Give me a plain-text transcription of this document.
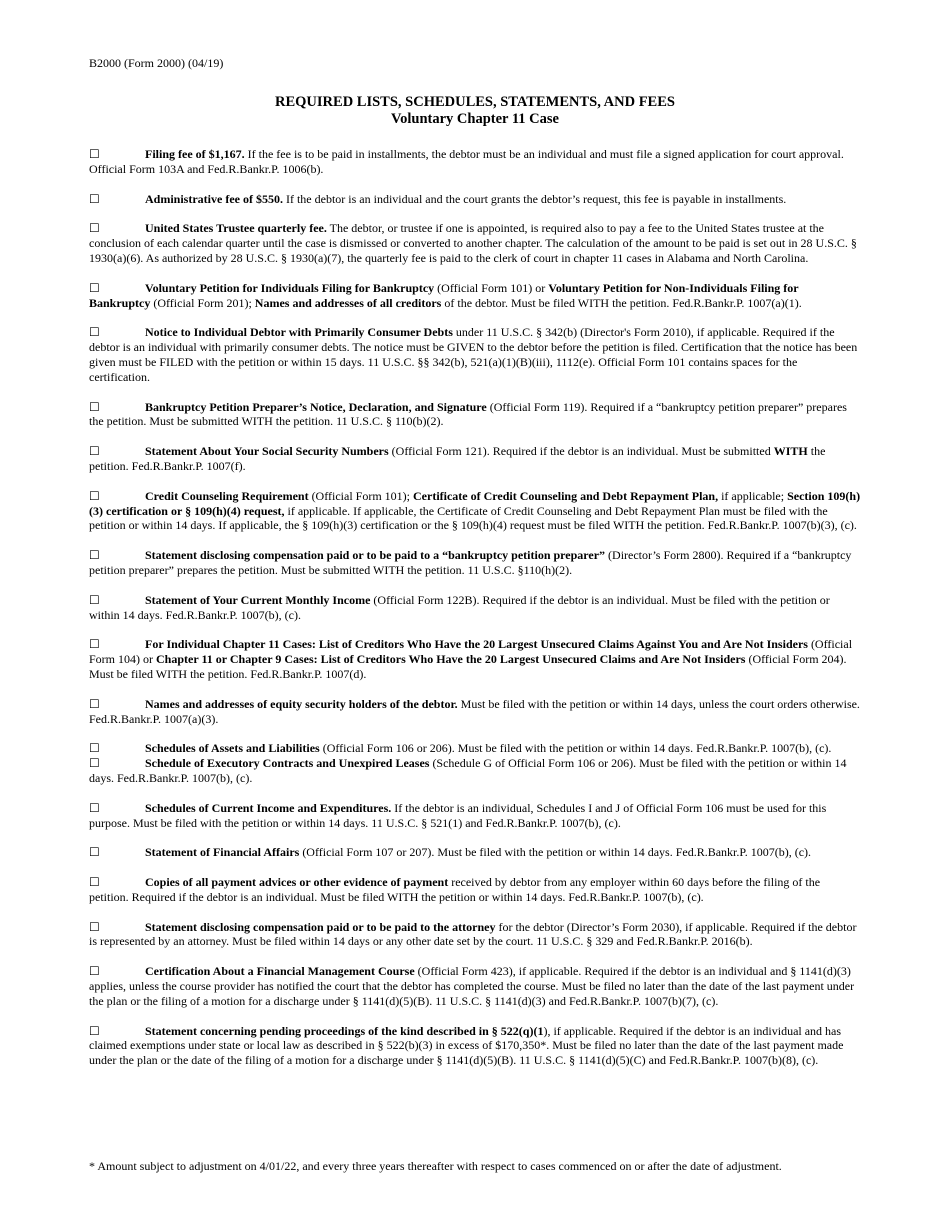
B2000 (Form 2000) (04/19)
REQUIRED LISTS, SCHEDULES, STATEMENTS, AND FEES
Voluntary Chapter 11 Case

☐	Filing fee of $1,167. If the fee is to be paid in installments, the debtor must be an individual and must file a signed application for court approval. Official Form 103A and Fed.R.Bankr.P. 1006(b).

☐	Administrative fee of $550. If the debtor is an individual and the court grants the debtor’s request, this fee is payable in installments.

☐	United States Trustee quarterly fee. The debtor, or trustee if one is appointed, is required also to pay a fee to the United States trustee at the conclusion of each calendar quarter until the case is dismissed or converted to another chapter. The calculation of the amount to be paid is set out in 28 U.S.C. § 1930(a)(6). As authorized by 28 U.S.C. § 1930(a)(7), the quarterly fee is paid to the clerk of court in chapter 11 cases in Alabama and North Carolina.

☐	Voluntary Petition for Individuals Filing for Bankruptcy (Official Form 101) or Voluntary Petition for Non-Individuals Filing for Bankruptcy (Official Form 201); Names and addresses of all creditors of the debtor. Must be filed WITH the petition. Fed.R.Bankr.P. 1007(a)(1).

☐	Notice to Individual Debtor with Primarily Consumer Debts under 11 U.S.C. § 342(b) (Director's Form 2010), if applicable. Required if the debtor is an individual with primarily consumer debts. The notice must be GIVEN to the debtor before the petition is filed. Certification that the notice has been given must be FILED with the petition or within 15 days. 11 U.S.C. §§ 342(b), 521(a)(1)(B)(iii), 1112(e). Official Form 101 contains spaces for the certification.

☐	Bankruptcy Petition Preparer’s Notice, Declaration, and Signature (Official Form 119). Required if a “bankruptcy petition preparer” prepares the petition. Must be submitted WITH the petition. 11 U.S.C. § 110(b)(2).

☐	Statement About Your Social Security Numbers (Official Form 121). Required if the debtor is an individual. Must be submitted WITH the petition. Fed.R.Bankr.P. 1007(f).

☐	Credit Counseling Requirement (Official Form 101); Certificate of Credit Counseling and Debt Repayment Plan, if applicable; Section 109(h)(3) certification or § 109(h)(4) request, if applicable. If applicable, the Certificate of Credit Counseling and Debt Repayment Plan must be filed with the petition or within 14 days. If applicable, the § 109(h)(3) certification or the § 109(h)(4) request must be filed WITH the petition. Fed.R.Bankr.P. 1007(b)(3), (c).

☐	Statement disclosing compensation paid or to be paid to a “bankruptcy petition preparer” (Director’s Form 2800). Required if a “bankruptcy petition preparer” prepares the petition. Must be submitted WITH the petition. 11 U.S.C. §110(h)(2).

☐	Statement of Your Current Monthly Income (Official Form 122B). Required if the debtor is an individual. Must be filed with the petition or within 14 days. Fed.R.Bankr.P. 1007(b), (c).

☐	For Individual Chapter 11 Cases: List of Creditors Who Have the 20 Largest Unsecured Claims Against You and Are Not Insiders (Official Form 104) or Chapter 11 or Chapter 9 Cases: List of Creditors Who Have the 20 Largest Unsecured Claims and Are Not Insiders (Official Form 204). Must be filed WITH the petition. Fed.R.Bankr.P. 1007(d).

☐	Names and addresses of equity security holders of the debtor. Must be filed with the petition or within 14 days, unless the court orders otherwise. Fed.R.Bankr.P. 1007(a)(3).

☐	Schedules of Assets and Liabilities (Official Form 106 or 206). Must be filed with the petition or within 14 days. Fed.R.Bankr.P. 1007(b), (c).

☐	Schedule of Executory Contracts and Unexpired Leases (Schedule G of Official Form 106 or 206). Must be filed with the petition or within 14 days. Fed.R.Bankr.P. 1007(b), (c).

☐	Schedules of Current Income and Expenditures. If the debtor is an individual, Schedules I and J of Official Form 106 must be used for this purpose. Must be filed with the petition or within 14 days. 11 U.S.C. § 521(1) and Fed.R.Bankr.P. 1007(b), (c).

☐	Statement of Financial Affairs (Official Form 107 or 207). Must be filed with the petition or within 14 days. Fed.R.Bankr.P. 1007(b), (c).

☐	Copies of all payment advices or other evidence of payment received by debtor from any employer within 60 days before the filing of the petition. Required if the debtor is an individual. Must be filed WITH the petition or within 14 days. Fed.R.Bankr.P. 1007(b), (c).

☐	Statement disclosing compensation paid or to be paid to the attorney for the debtor (Director’s Form 2030), if applicable. Required if the debtor is represented by an attorney. Must be filed within 14 days or any other date set by the court. 11 U.S.C. § 329 and Fed.R.Bankr.P. 2016(b).

☐	Certification About a Financial Management Course (Official Form 423), if applicable. Required if the debtor is an individual and § 1141(d)(3) applies, unless the course provider has notified the court that the debtor has completed the course. Must be filed no later than the date of the last payment under the plan or the filing of a motion for a discharge under § 1141(d)(5)(B). 11 U.S.C. § 1141(d)(3) and Fed.R.Bankr.P. 1007(b)(7), (c).

☐	Statement concerning pending proceedings of the kind described in § 522(q)(1), if applicable. Required if the debtor is an individual and has claimed exemptions under state or local law as described in § 522(b)(3) in excess of $170,350*. Must be filed no later than the date of the last payment made under the plan or the date of the filing of a motion for a discharge under § 1141(d)(5)(B). 11 U.S.C. § 1141(d)(5)(C) and Fed.R.Bankr.P. 1007(b)(8), (c).

* Amount subject to adjustment on 4/01/22, and every three years thereafter with respect to cases commenced on or after the date of adjustment.
